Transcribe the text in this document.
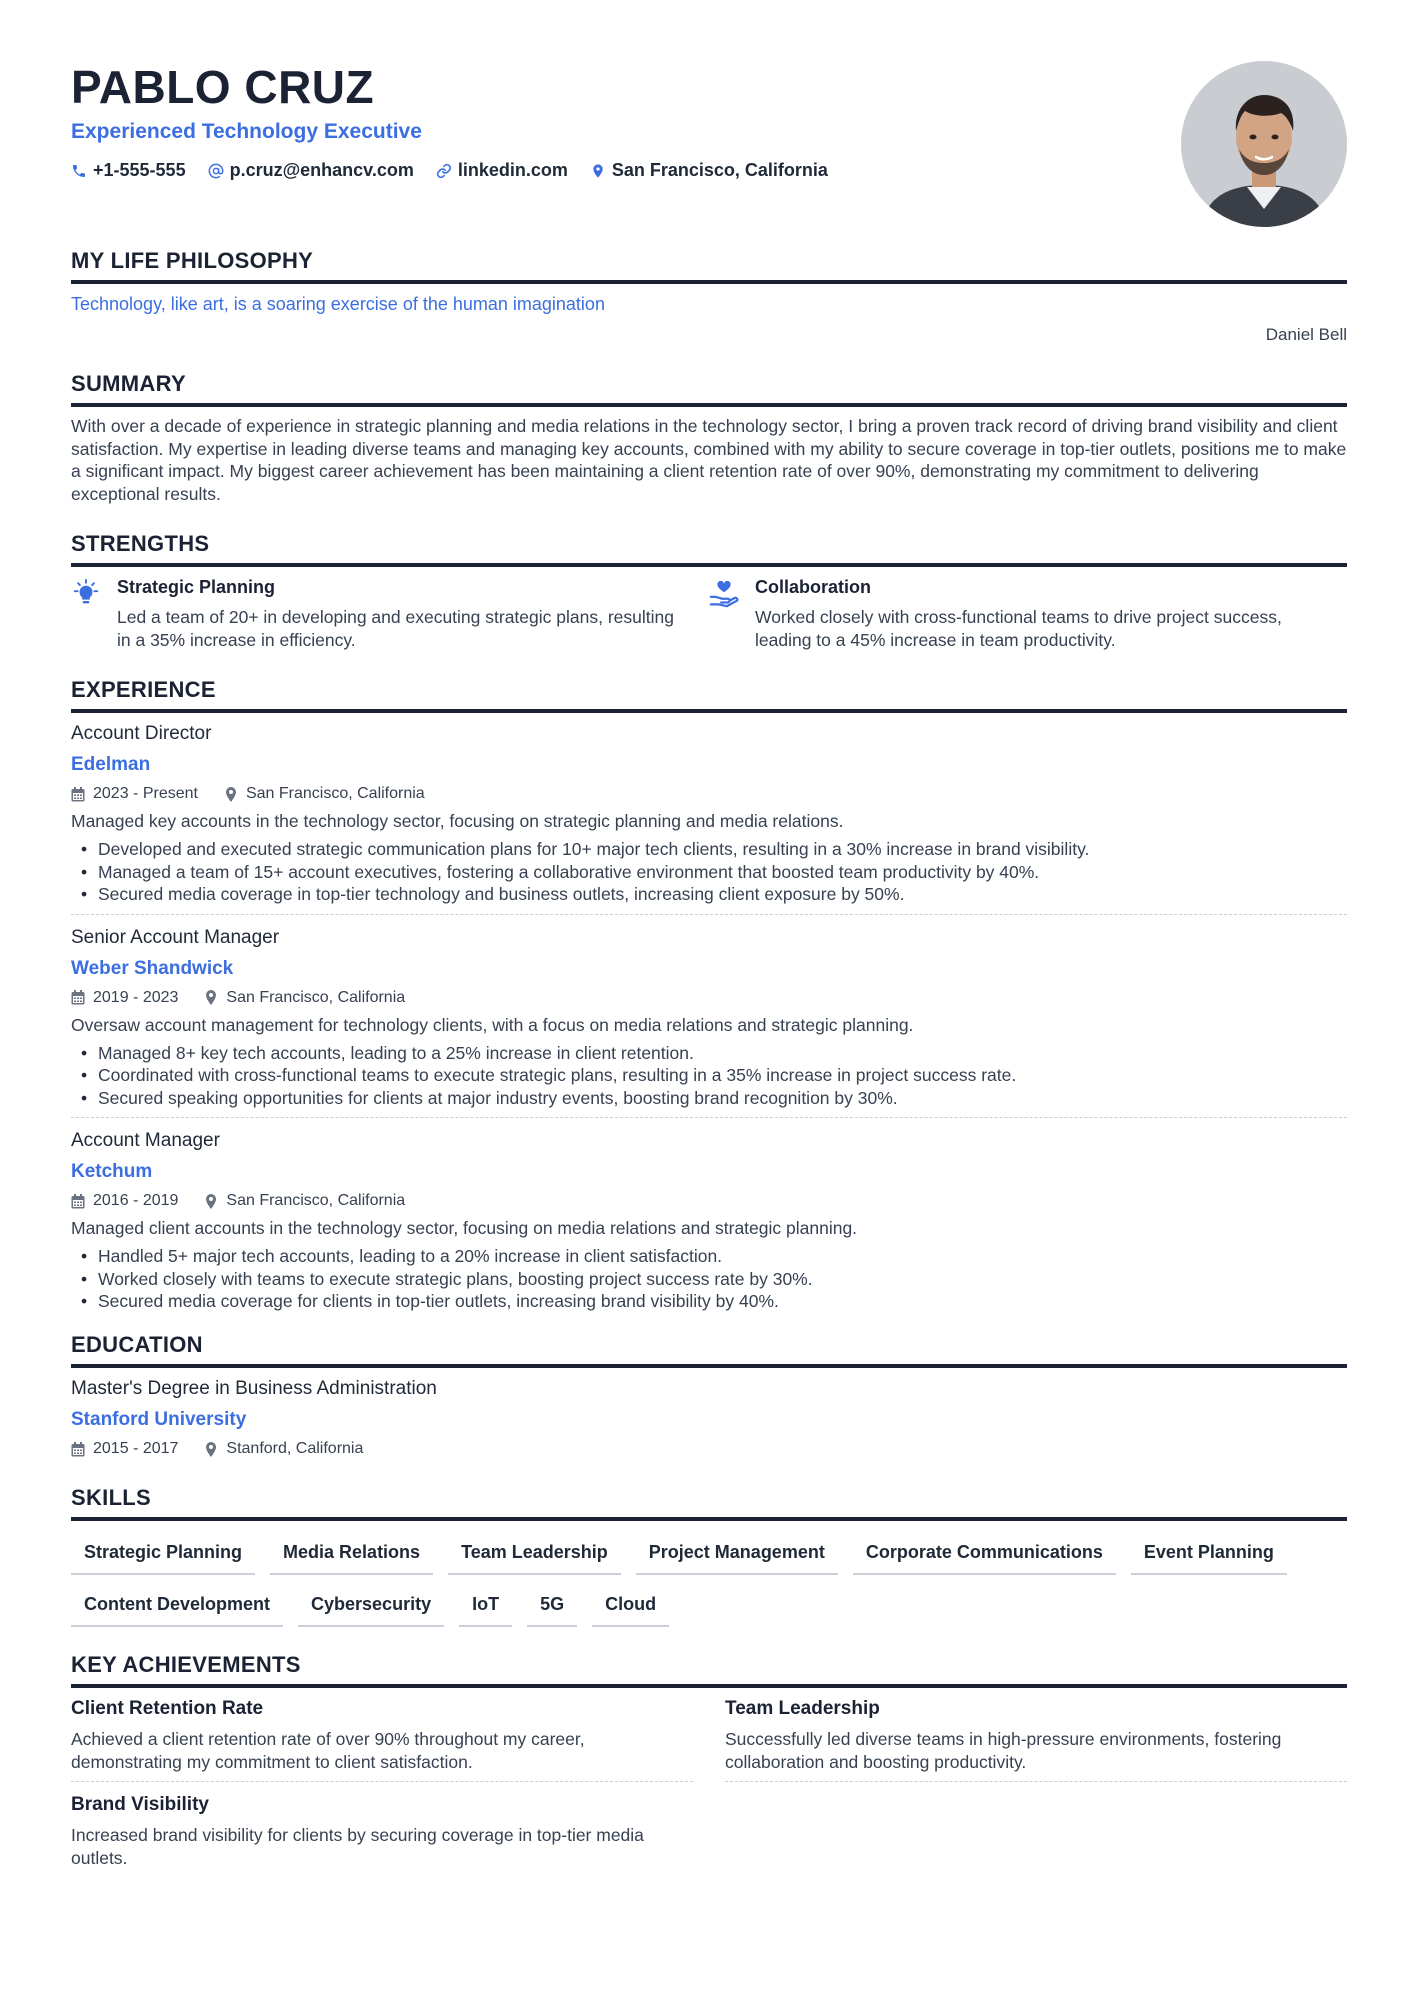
PABLO CRUZ
Experienced Technology Executive
+1-555-555 p.cruz@enhancv.com linkedin.com San Francisco, California
MY LIFE PHILOSOPHY
Technology, like art, is a soaring exercise of the human imagination
Daniel Bell
SUMMARY
With over a decade of experience in strategic planning and media relations in the technology sector, I bring a proven track record of driving brand visibility and client satisfaction. My expertise in leading diverse teams and managing key accounts, combined with my ability to secure coverage in top-tier outlets, positions me to make a significant impact. My biggest career achievement has been maintaining a client retention rate of over 90%, demonstrating my commitment to delivering exceptional results.
STRENGTHS
Strategic Planning
Led a team of 20+ in developing and executing strategic plans, resulting in a 35% increase in efficiency.
Collaboration
Worked closely with cross-functional teams to drive project success, leading to a 45% increase in team productivity.
EXPERIENCE
Account Director
Edelman
2023 - Present	San Francisco, California
Managed key accounts in the technology sector, focusing on strategic planning and media relations.
• Developed and executed strategic communication plans for 10+ major tech clients, resulting in a 30% increase in brand visibility.
• Managed a team of 15+ account executives, fostering a collaborative environment that boosted team productivity by 40%.
• Secured media coverage in top-tier technology and business outlets, increasing client exposure by 50%.
Senior Account Manager
Weber Shandwick
2019 - 2023	San Francisco, California
Oversaw account management for technology clients, with a focus on media relations and strategic planning.
• Managed 8+ key tech accounts, leading to a 25% increase in client retention.
• Coordinated with cross-functional teams to execute strategic plans, resulting in a 35% increase in project success rate.
• Secured speaking opportunities for clients at major industry events, boosting brand recognition by 30%.
Account Manager
Ketchum
2016 - 2019	San Francisco, California
Managed client accounts in the technology sector, focusing on media relations and strategic planning.
• Handled 5+ major tech accounts, leading to a 20% increase in client satisfaction.
• Worked closely with teams to execute strategic plans, boosting project success rate by 30%.
• Secured media coverage for clients in top-tier outlets, increasing brand visibility by 40%.
EDUCATION
Master's Degree in Business Administration
Stanford University
2015 - 2017	Stanford, California
SKILLS
Strategic Planning	Media Relations	Team Leadership	Project Management	Corporate Communications	Event Planning
Content Development	Cybersecurity	IoT	5G	Cloud
KEY ACHIEVEMENTS
Client Retention Rate
Achieved a client retention rate of over 90% throughout my career, demonstrating my commitment to client satisfaction.
Team Leadership
Successfully led diverse teams in high-pressure environments, fostering collaboration and boosting productivity.
Brand Visibility
Increased brand visibility for clients by securing coverage in top-tier media outlets.
